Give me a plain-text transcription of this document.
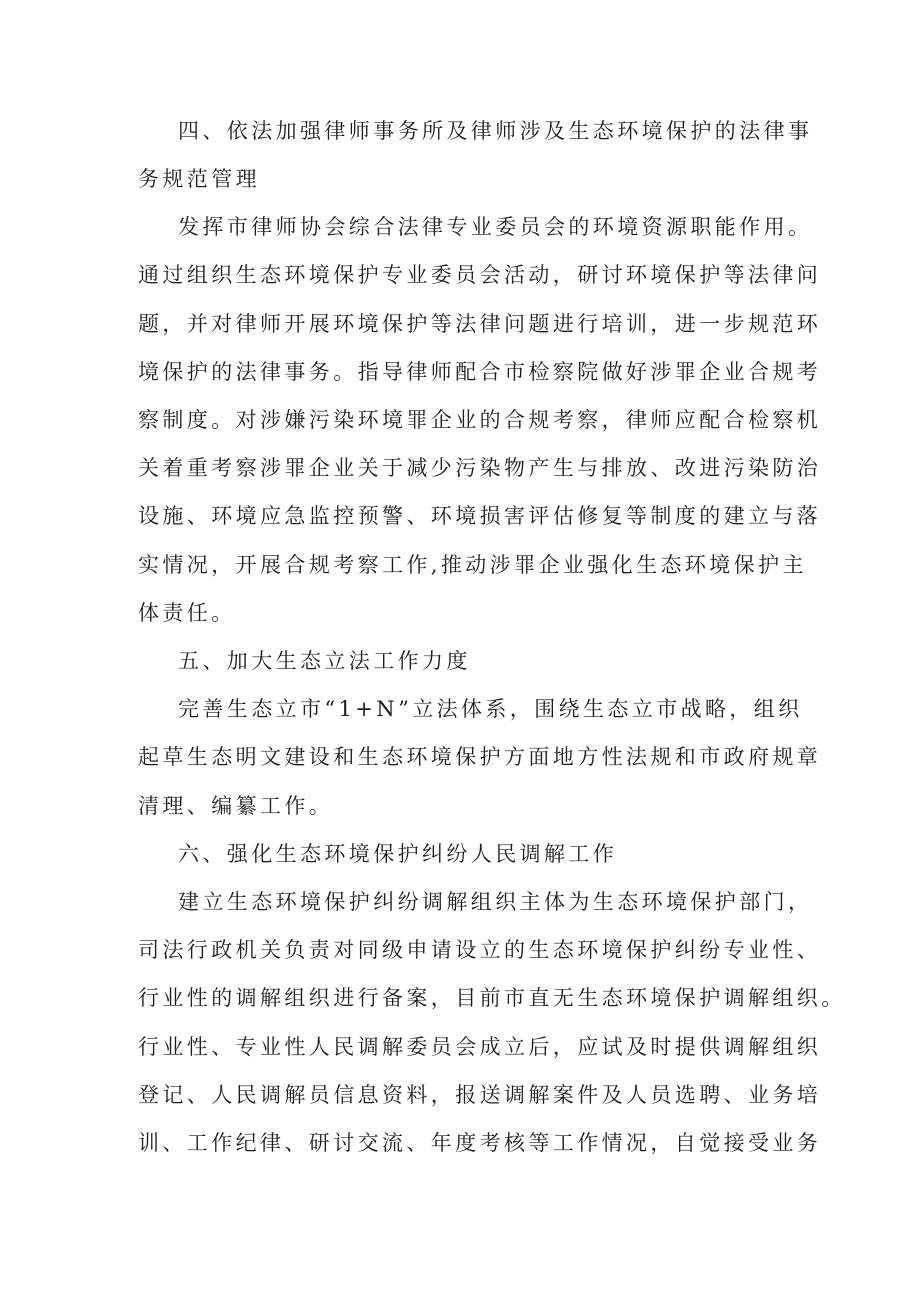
四、依法加强律师事务所及律师涉及生态环境保护的法律事
务规范管理
发挥市律师协会综合法律专业委员会的环境资源职能作用。
通过组织生态环境保护专业委员会活动，研讨环境保护等法律问
题，并对律师开展环境保护等法律问题进行培训，进一步规范环
境保护的法律事务。指导律师配合市检察院做好涉罪企业合规考
察制度。对涉嫌污染环境罪企业的合规考察，律师应配合检察机
关着重考察涉罪企业关于减少污染物产生与排放、改进污染防治
设施、环境应急监控预警、环境损害评估修复等制度的建立与落
实情况，开展合规考察工作,推动涉罪企业强化生态环境保护主
体责任。
五、加大生态立法工作力度
完善生态立市“1+N”立法体系，围绕生态立市战略，组织
起草生态明文建设和生态环境保护方面地方性法规和市政府规章
清理、编纂工作。
六、强化生态环境保护纠纷人民调解工作
建立生态环境保护纠纷调解组织主体为生态环境保护部门，
司法行政机关负责对同级申请设立的生态环境保护纠纷专业性、
行业性的调解组织进行备案，目前市直无生态环境保护调解组织。
行业性、专业性人民调解委员会成立后，应试及时提供调解组织
登记、人民调解员信息资料，报送调解案件及人员选聘、业务培
训、工作纪律、研讨交流、年度考核等工作情况，自觉接受业务
